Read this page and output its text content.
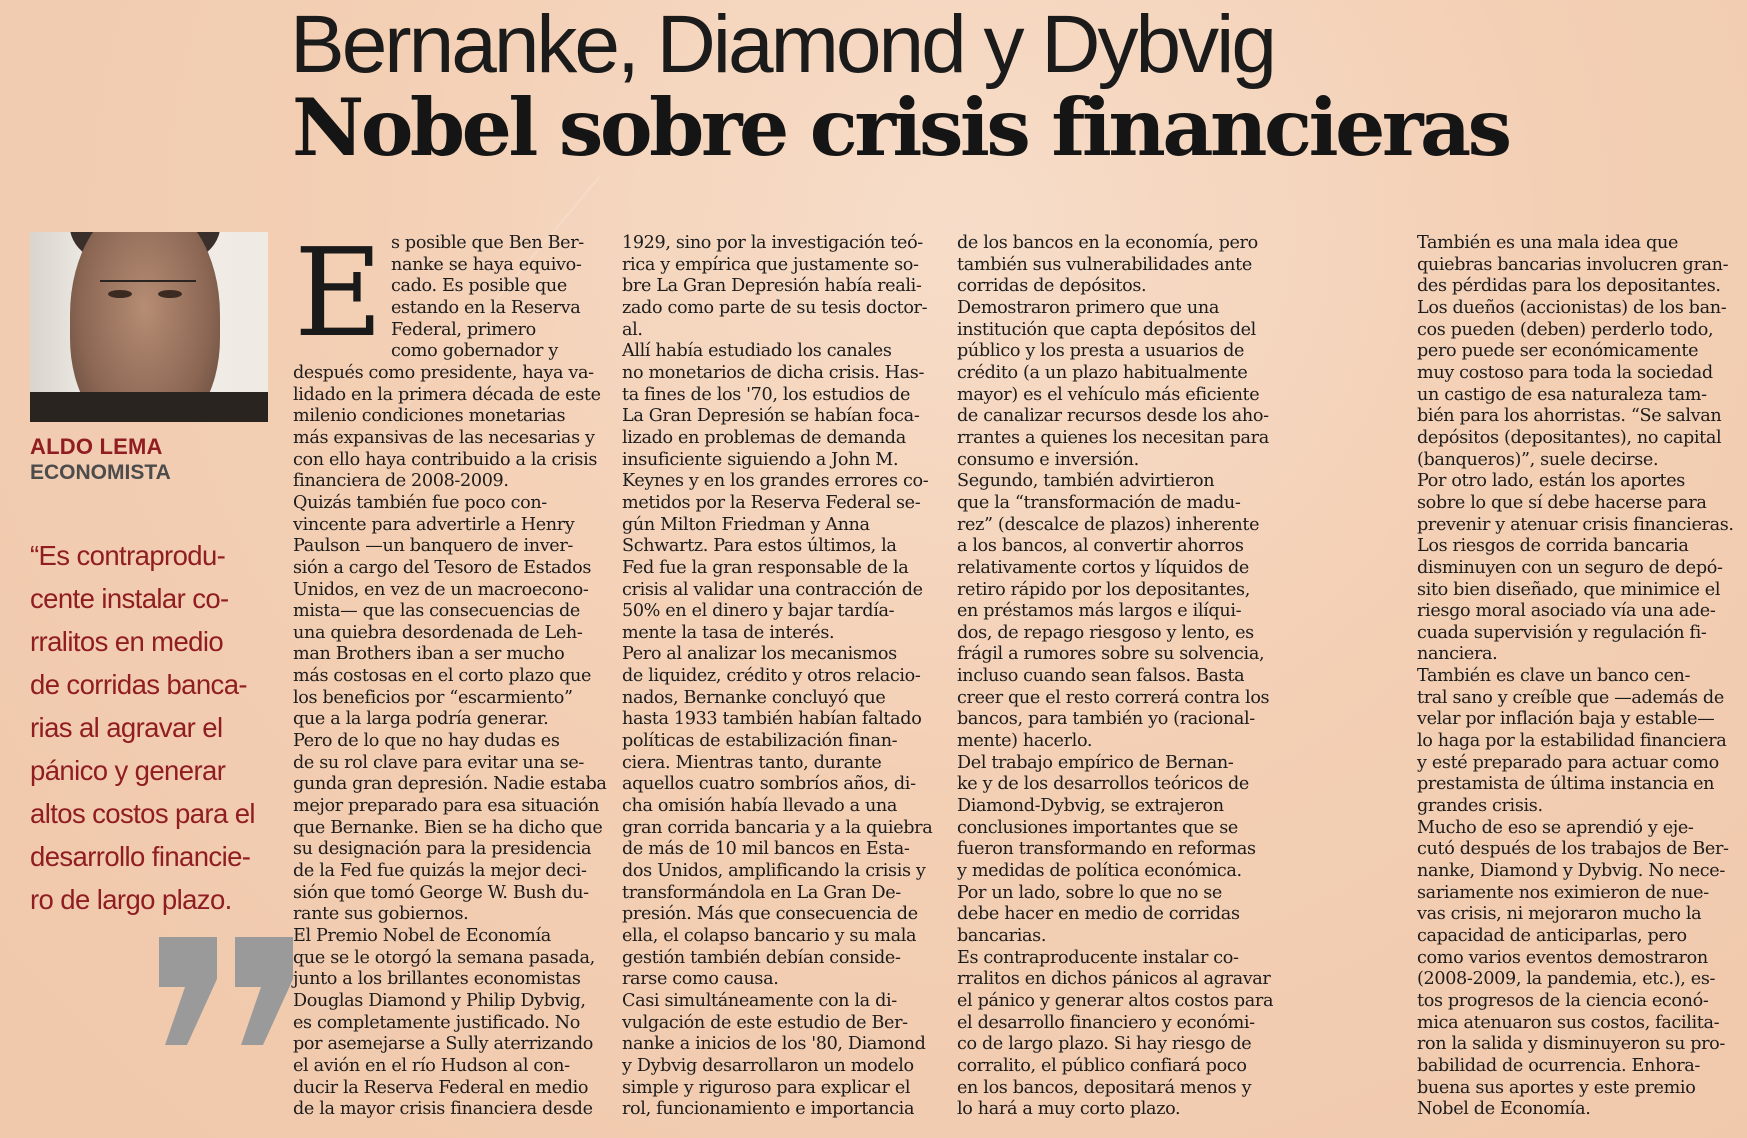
Bernanke, Diamond y Dybvig
Nobel sobre crisis financieras

ALDO LEMA

ECONOMISTA

“Es contraprodu-
cente instalar co-
rralitos en medio
de corridas banca-
rias al agravar el
pánico y generar
altos costos para el
desarrollo financie-
ro de largo plazo.

E s posible que Ben Ber-
nanke se haya equivo-
cado. Es posible que
estando en la Reserva
Federal, primero
como gobernador y
después como presidente, haya va-
lidado en la primera década de este
milenio condiciones monetarias
más expansivas de las necesarias y
con ello haya contribuido a la crisis
financiera de 2008-2009.
Quizás también fue poco con-
vincente para advertirle a Henry
Paulson —un banquero de inver-
sión a cargo del Tesoro de Estados
Unidos, en vez de un macroecono-
mista— que las consecuencias de
una quiebra desordenada de Leh-
man Brothers iban a ser mucho
más costosas en el corto plazo que
los beneficios por “escarmiento”
que a la larga podría generar.
Pero de lo que no hay dudas es
de su rol clave para evitar una se-
gunda gran depresión. Nadie estaba
mejor preparado para esa situación
que Bernanke. Bien se ha dicho que
su designación para la presidencia
de la Fed fue quizás la mejor deci-
sión que tomó George W. Bush du-
rante sus gobiernos.
El Premio Nobel de Economía
que se le otorgó la semana pasada,
junto a los brillantes economistas
Douglas Diamond y Philip Dybvig,
es completamente justificado. No
por asemejarse a Sully aterrizando
el avión en el río Hudson al con-
ducir la Reserva Federal en medio
de la mayor crisis financiera desde
1929, sino por la investigación teó-
rica y empírica que justamente so-
bre La Gran Depresión había reali-
zado como parte de su tesis doctor-
al.
Allí había estudiado los canales
no monetarios de dicha crisis. Has-
ta fines de los '70, los estudios de
La Gran Depresión se habían foca-
lizado en problemas de demanda
insuficiente siguiendo a John M.
Keynes y en los grandes errores co-
metidos por la Reserva Federal se-
gún Milton Friedman y Anna
Schwartz. Para estos últimos, la
Fed fue la gran responsable de la
crisis al validar una contracción de
50% en el dinero y bajar tardía-
mente la tasa de interés.
Pero al analizar los mecanismos
de liquidez, crédito y otros relacio-
nados, Bernanke concluyó que
hasta 1933 también habían faltado
políticas de estabilización finan-
ciera. Mientras tanto, durante
aquellos cuatro sombríos años, di-
cha omisión había llevado a una
gran corrida bancaria y a la quiebra
de más de 10 mil bancos en Esta-
dos Unidos, amplificando la crisis y
transformándola en La Gran De-
presión. Más que consecuencia de
ella, el colapso bancario y su mala
gestión también debían conside-
rarse como causa.
Casi simultáneamente con la di-
vulgación de este estudio de Ber-
nanke a inicios de los '80, Diamond
y Dybvig desarrollaron un modelo
simple y riguroso para explicar el
rol, funcionamiento e importancia
de los bancos en la economía, pero
también sus vulnerabilidades ante
corridas de depósitos.
Demostraron primero que una
institución que capta depósitos del
público y los presta a usuarios de
crédito (a un plazo habitualmente
mayor) es el vehículo más eficiente
de canalizar recursos desde los aho-
rrantes a quienes los necesitan para
consumo e inversión.
Segundo, también advirtieron
que la “transformación de madu-
rez” (descalce de plazos) inherente
a los bancos, al convertir ahorros
relativamente cortos y líquidos de
retiro rápido por los depositantes,
en préstamos más largos e ilíqui-
dos, de repago riesgoso y lento, es
frágil a rumores sobre su solvencia,
incluso cuando sean falsos. Basta
creer que el resto correrá contra los
bancos, para también yo (racional-
mente) hacerlo.
Del trabajo empírico de Bernan-
ke y de los desarrollos teóricos de
Diamond-Dybvig, se extrajeron
conclusiones importantes que se
fueron transformando en reformas
y medidas de política económica.
Por un lado, sobre lo que no se
debe hacer en medio de corridas
bancarias.
Es contraproducente instalar co-
rralitos en dichos pánicos al agravar
el pánico y generar altos costos para
el desarrollo financiero y económi-
co de largo plazo. Si hay riesgo de
corralito, el público confiará poco
en los bancos, depositará menos y
lo hará a muy corto plazo.
También es una mala idea que
quiebras bancarias involucren gran-
des pérdidas para los depositantes.
Los dueños (accionistas) de los ban-
cos pueden (deben) perderlo todo,
pero puede ser económicamente
muy costoso para toda la sociedad
un castigo de esa naturaleza tam-
bién para los ahorristas. “Se salvan
depósitos (depositantes), no capital
(banqueros)”, suele decirse.
Por otro lado, están los aportes
sobre lo que sí debe hacerse para
prevenir y atenuar crisis financieras.
Los riesgos de corrida bancaria
disminuyen con un seguro de depó-
sito bien diseñado, que minimice el
riesgo moral asociado vía una ade-
cuada supervisión y regulación fi-
nanciera.
También es clave un banco cen-
tral sano y creíble que —además de
velar por inflación baja y estable—
lo haga por la estabilidad financiera
y esté preparado para actuar como
prestamista de última instancia en
grandes crisis.
Mucho de eso se aprendió y eje-
cutó después de los trabajos de Ber-
nanke, Diamond y Dybvig. No nece-
sariamente nos eximieron de nue-
vas crisis, ni mejoraron mucho la
capacidad de anticiparlas, pero
como varios eventos demostraron
(2008-2009, la pandemia, etc.), es-
tos progresos de la ciencia econó-
mica atenuaron sus costos, facilita-
ron la salida y disminuyeron su pro-
babilidad de ocurrencia. Enhora-
buena sus aportes y este premio
Nobel de Economía.
